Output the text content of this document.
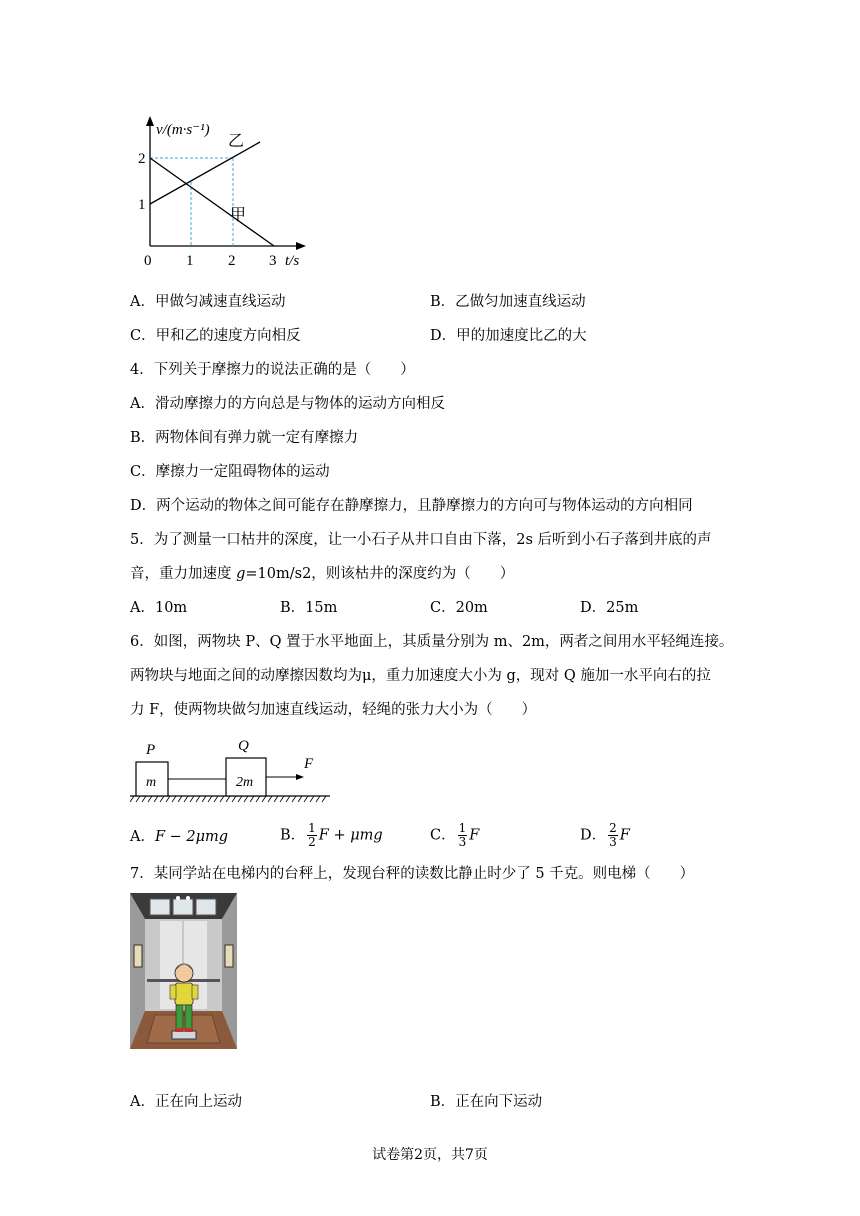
v/(m·s⁻¹)
乙
甲
2
1
0 1 2 3 t/s
A．甲做匀减速直线运动	B．乙做匀加速直线运动
C．甲和乙的速度方向相反	D．甲的加速度比乙的大
4．下列关于摩擦力的说法正确的是（　　）
A．滑动摩擦力的方向总是与物体的运动方向相反
B．两物体间有弹力就一定有摩擦力
C．摩擦力一定阻碍物体的运动
D．两个运动的物体之间可能存在静摩擦力，且静摩擦力的方向可与物体运动的方向相同
5．为了测量一口枯井的深度，让一小石子从井口自由下落，2s 后听到小石子落到井底的声
音，重力加速度 g=10m/s2，则该枯井的深度约为（　　）
A．10m	B．15m	C．20m	D．25m
6．如图，两物块 P、Q 置于水平地面上，其质量分别为 m、2m，两者之间用水平轻绳连接。
两物块与地面之间的动摩擦因数均为μ，重力加速度大小为 g，现对 Q 施加一水平向右的拉
力 F，使两物块做匀加速直线运动，轻绳的张力大小为（　　）
P	Q
m	2m
F
A．F − 2μmg	B． $\frac{1}{2}$ F + μmg	C． $\frac{1}{3}$ F	D． $\frac{2}{3}$ F
7．某同学站在电梯内的台秤上，发现台秤的读数比静止时少了 5 千克。则电梯（　　）
A．正在向上运动	B．正在向下运动
试卷第2页，共7页
